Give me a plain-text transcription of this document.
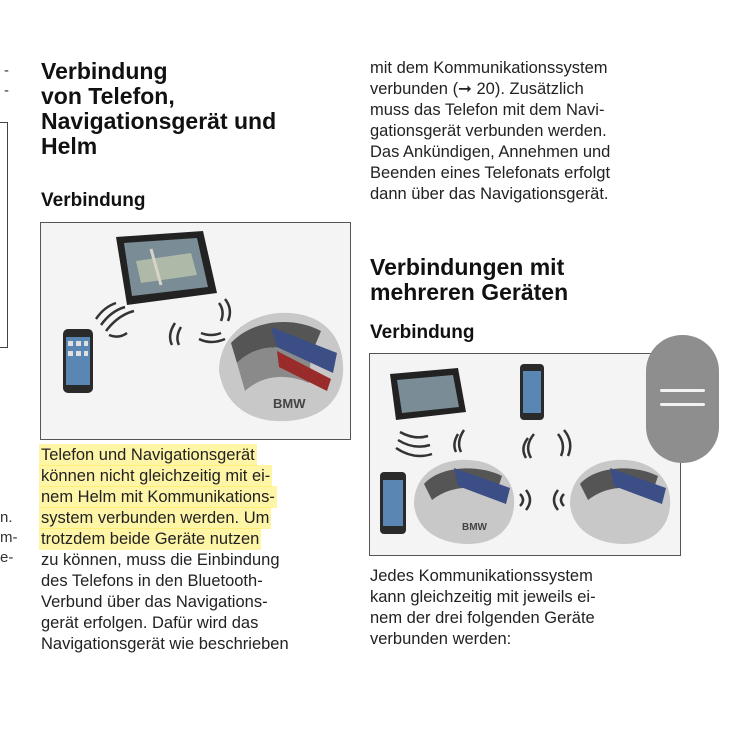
-
-
n.
m-
e-
Verbindung
von Telefon,
Navigationsgerät und
Helm
Verbindung
BMW
Telefon und Navigationsgerät
können nicht gleichzeitig mit ei-
nem Helm mit Kommunikations-
system verbunden werden. Um
trotzdem beide Geräte nutzen
zu können, muss die Einbindung
des Telefons in den Bluetooth-
Verbund über das Navigations-
gerät erfolgen. Dafür wird das
Navigationsgerät wie beschrieben
mit dem Kommunikationssystem
verbunden (➞ 20). Zusätzlich
muss das Telefon mit dem Navi-
gationsgerät verbunden werden.
Das Ankündigen, Annehmen und
Beenden eines Telefonats erfolgt
dann über das Navigationsgerät.
Verbindungen mit
mehreren Geräten
Verbindung
BMW
Jedes Kommunikationssystem
kann gleichzeitig mit jeweils ei-
nem der drei folgenden Geräte
verbunden werden:
